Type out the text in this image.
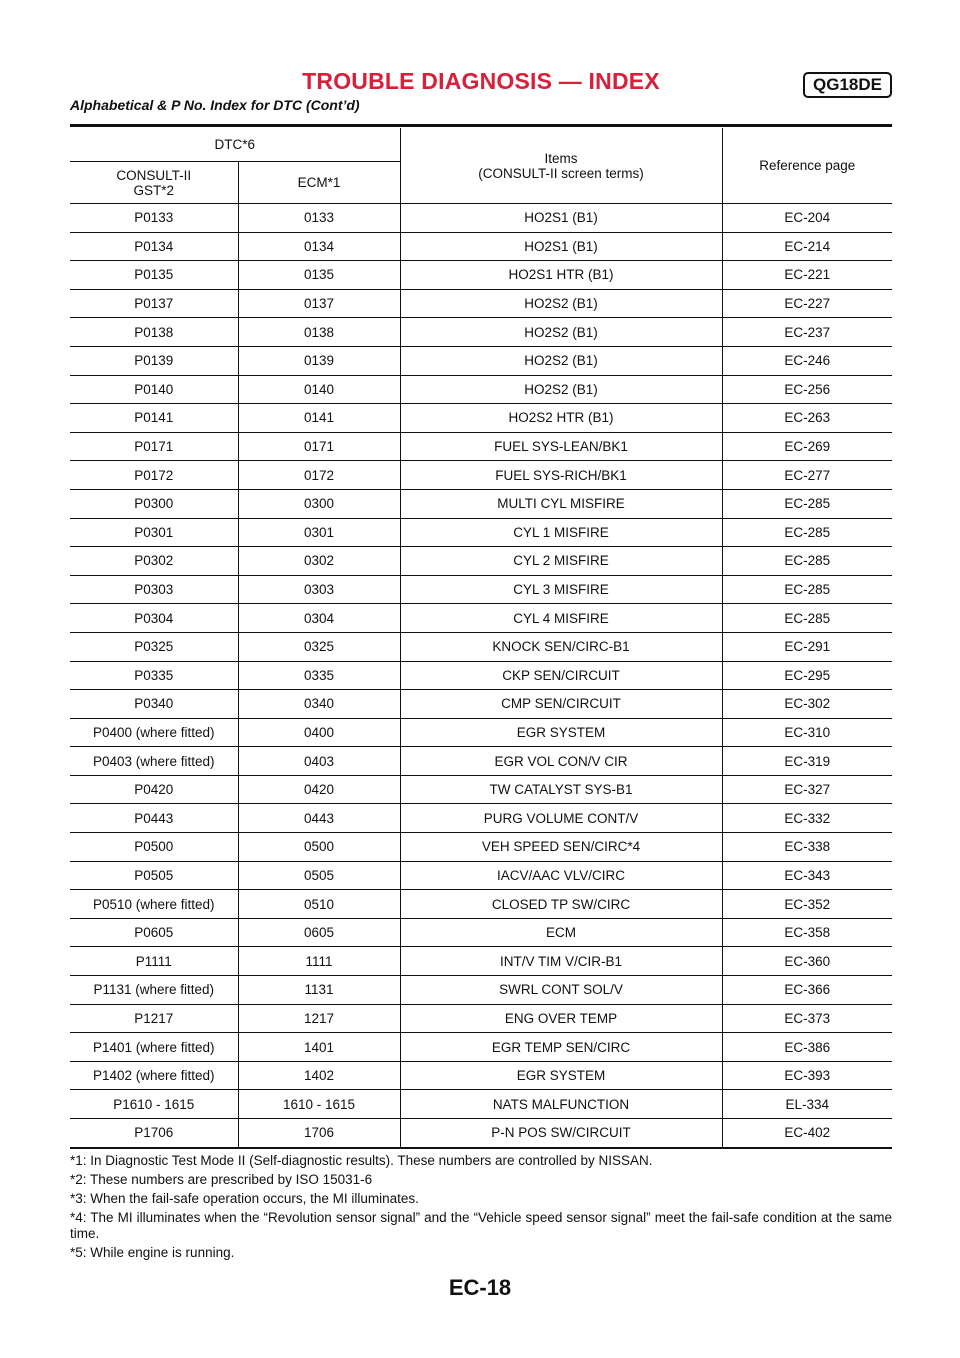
TROUBLE DIAGNOSIS — INDEX	QG18DE
Alphabetical & P No. Index for DTC (Cont’d)
DTC*6		Items
(CONSULT-II screen terms)	Reference page
CONSULT-II
GST*2	ECM*1		
P0133	0133	HO2S1 (B1)	EC-204
P0134	0134	HO2S1 (B1)	EC-214
P0135	0135	HO2S1 HTR (B1)	EC-221
P0137	0137	HO2S2 (B1)	EC-227
P0138	0138	HO2S2 (B1)	EC-237
P0139	0139	HO2S2 (B1)	EC-246
P0140	0140	HO2S2 (B1)	EC-256
P0141	0141	HO2S2 HTR (B1)	EC-263
P0171	0171	FUEL SYS-LEAN/BK1	EC-269
P0172	0172	FUEL SYS-RICH/BK1	EC-277
P0300	0300	MULTI CYL MISFIRE	EC-285
P0301	0301	CYL 1 MISFIRE	EC-285
P0302	0302	CYL 2 MISFIRE	EC-285
P0303	0303	CYL 3 MISFIRE	EC-285
P0304	0304	CYL 4 MISFIRE	EC-285
P0325	0325	KNOCK SEN/CIRC-B1	EC-291
P0335	0335	CKP SEN/CIRCUIT	EC-295
P0340	0340	CMP SEN/CIRCUIT	EC-302
P0400 (where fitted)	0400	EGR SYSTEM	EC-310
P0403 (where fitted)	0403	EGR VOL CON/V CIR	EC-319
P0420	0420	TW CATALYST SYS-B1	EC-327
P0443	0443	PURG VOLUME CONT/V	EC-332
P0500	0500	VEH SPEED SEN/CIRC*4	EC-338
P0505	0505	IACV/AAC VLV/CIRC	EC-343
P0510 (where fitted)	0510	CLOSED TP SW/CIRC	EC-352
P0605	0605	ECM	EC-358
P1111	1111	INT/V TIM V/CIR-B1	EC-360
P1131 (where fitted)	1131	SWRL CONT SOL/V	EC-366
P1217	1217	ENG OVER TEMP	EC-373
P1401 (where fitted)	1401	EGR TEMP SEN/CIRC	EC-386
P1402 (where fitted)	1402	EGR SYSTEM	EC-393
P1610 - 1615	1610 - 1615	NATS MALFUNCTION	EL-334
P1706	1706	P-N POS SW/CIRCUIT	EC-402

*1: In Diagnostic Test Mode II (Self-diagnostic results). These numbers are controlled by NISSAN.

*2: These numbers are prescribed by ISO 15031-6

*3: When the fail-safe operation occurs, the MI illuminates.

*4: The MI illuminates when the “Revolution sensor signal” and the “Vehicle speed sensor signal” meet the fail-safe condition at the same time.

*5: While engine is running.

EC-18
